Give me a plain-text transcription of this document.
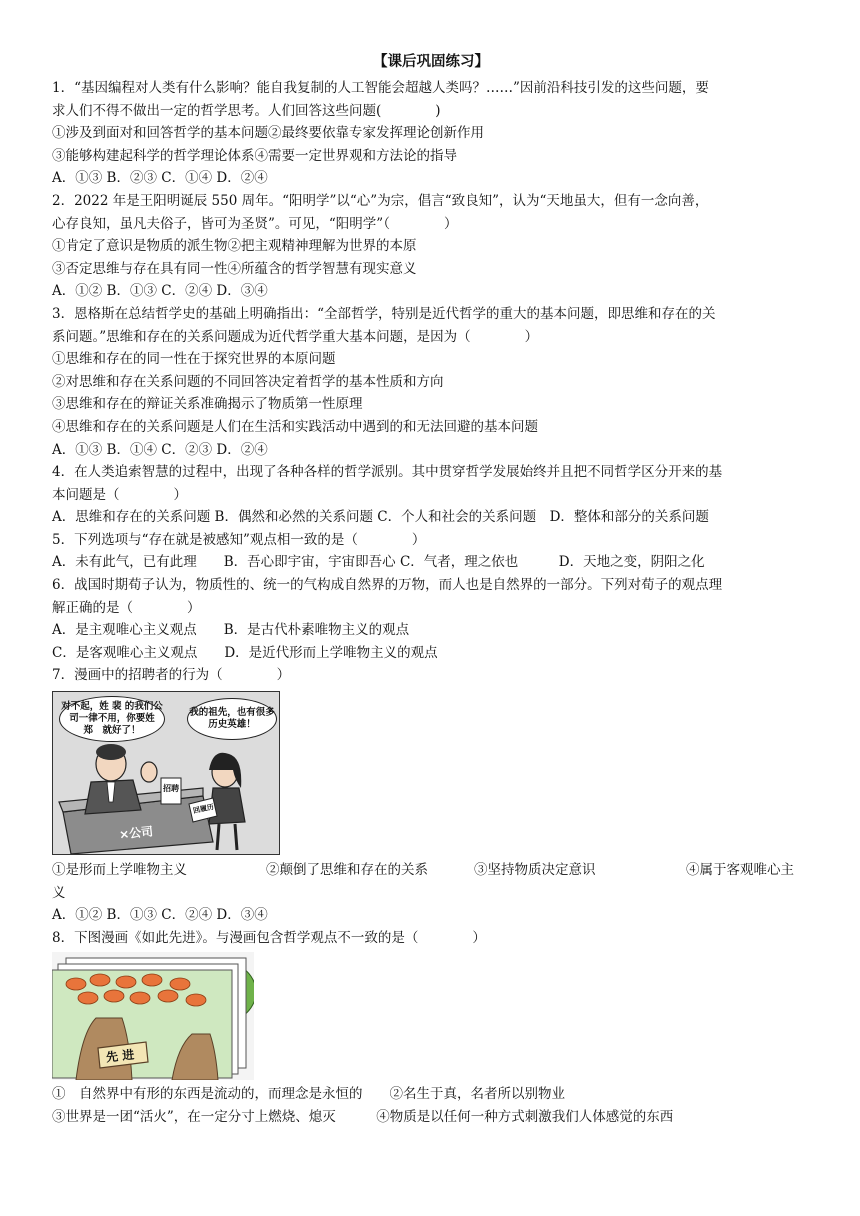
【课后巩固练习】
1．“基因编程对人类有什么影响？能自我复制的人工智能会超越人类吗？……”因前沿科技引发的这些问题，要
求人们不得不做出一定的哲学思考。人们回答这些问题(　　　　)
①涉及到面对和回答哲学的基本问题②最终要依靠专家发挥理论创新作用
③能够构建起科学的哲学理论体系④需要一定世界观和方法论的指导
A．①③ B．②③ C．①④ D．②④
2．2022 年是王阳明诞辰 550 周年。“阳明学”以“心”为宗，倡言“致良知”，认为“天地虽大，但有一念向善，
心存良知，虽凡夫俗子，皆可为圣贤”。可见，“阳明学”（　　　　）
①肯定了意识是物质的派生物②把主观精神理解为世界的本原
③否定思维与存在具有同一性④所蕴含的哲学智慧有现实意义
A．①② B．①③ C．②④ D．③④
3．恩格斯在总结哲学史的基础上明确指出：“全部哲学，特别是近代哲学的重大的基本问题，即思维和存在的关
系问题。”思维和存在的关系问题成为近代哲学重大基本问题，是因为（　　　　）
①思维和存在的同一性在于探究世界的本原问题
②对思维和存在关系问题的不同回答决定着哲学的基本性质和方向
③思维和存在的辩证关系准确揭示了物质第一性原理
④思维和存在的关系问题是人们在生活和实践活动中遇到的和无法回避的基本问题
A．①③ B．①④ C．②③ D．②④
4．在人类追索智慧的过程中，出现了各种各样的哲学派别。其中贯穿哲学发展始终并且把不同哲学区分开来的基
本问题是（　　　　）
A．思维和存在的关系问题 B．偶然和必然的关系问题 C．个人和社会的关系问题　D．整体和部分的关系问题
5．下列选项与“存在就是被感知”观点相一致的是（　　　　）
A．未有此气，已有此理　　B．吾心即宇宙，宇宙即吾心 C．气者，理之依也　　　D．天地之变，阴阳之化
6．战国时期荀子认为，物质性的、统一的气构成自然界的万物，而人也是自然界的一部分。下列对荀子的观点理
解正确的是（　　　　）
A．是主观唯心主义观点　　B．是古代朴素唯物主义的观点
C．是客观唯心主义观点　　D．是近代形而上学唯物主义的观点
7．漫画中的招聘者的行为（　　　　）
对不起，姓 裴 的我们公司一律不用，你要姓　郑　就好了！
我的祖先，也有很多历史英雄！
招聘
回履历
×公司
①是形而上学唯物主义	②颠倒了思维和存在的关系	③坚持物质决定意识	④属于客观唯心主
义
A．①② B．①③ C．②④ D．③④
8．下图漫画《如此先进》。与漫画包含哲学观点不一致的是（　　　　）
先 进
①　自然界中有形的东西是流动的，而理念是永恒的　　②名生于真，名者所以别物业
③世界是一团“活火”，在一定分寸上燃烧、熄灭　　　④物质是以任何一种方式刺激我们人体感觉的东西
